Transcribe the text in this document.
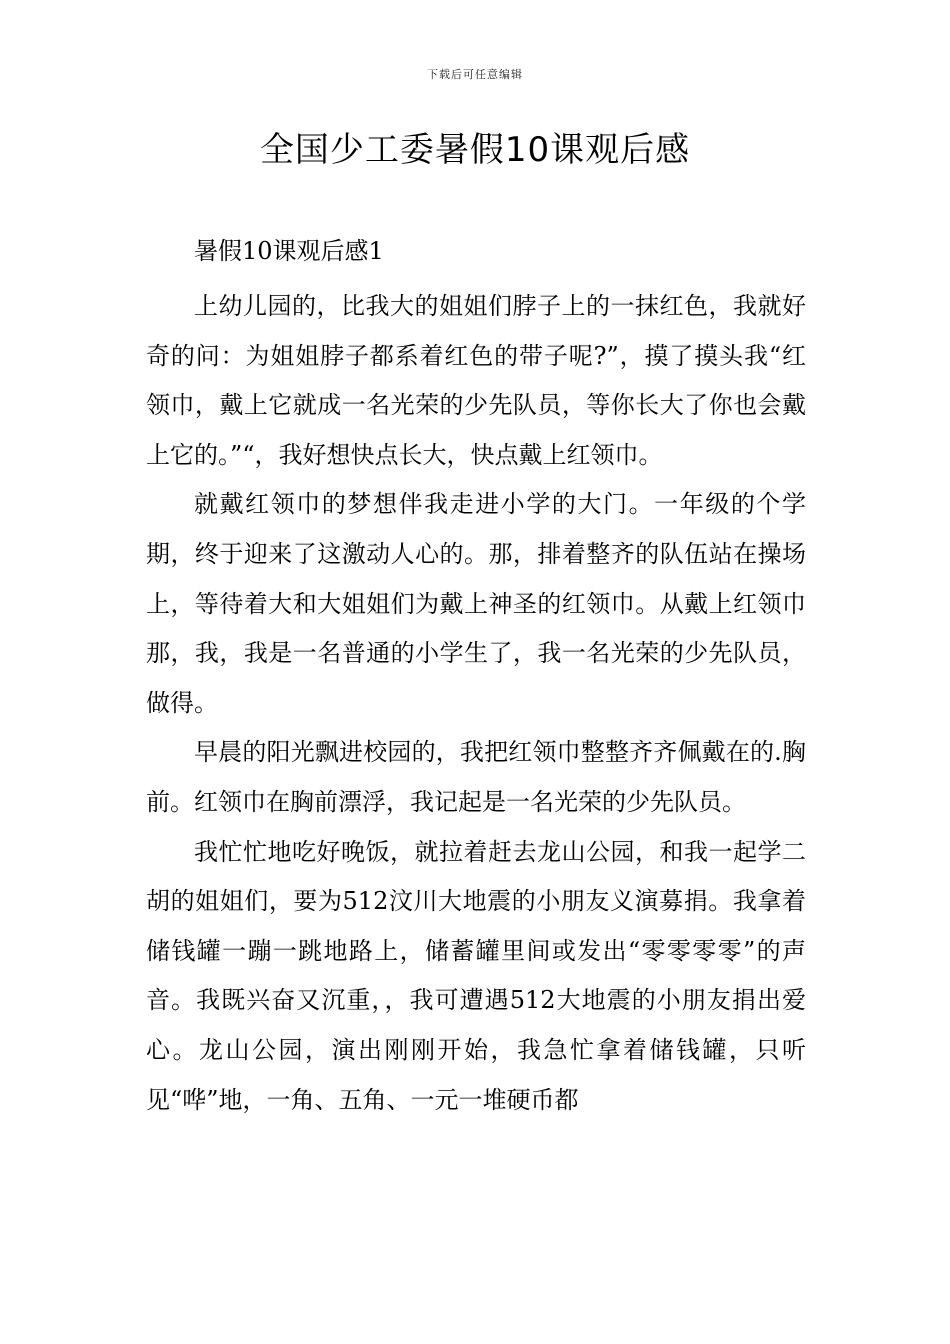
下载后可任意编辑
全国少工委暑假10课观后感
暑假10课观后感1

上幼儿园的，比我大的姐姐们脖子上的一抹红色，我就好奇的问：为姐姐脖子都系着红色的带子呢?”，摸了摸头我“红领巾，戴上它就成一名光荣的少先队员，等你长大了你也会戴上它的。”“，我好想快点长大，快点戴上红领巾。

就戴红领巾的梦想伴我走进小学的大门。一年级的个学期，终于迎来了这激动人心的。那，排着整齐的队伍站在操场上，等待着大和大姐姐们为戴上神圣的红领巾。从戴上红领巾那，我，我是一名普通的小学生了，我一名光荣的少先队员，做得。

早晨的阳光飘进校园的，我把红领巾整整齐齐佩戴在的.胸前。红领巾在胸前漂浮，我记起是一名光荣的少先队员。

我忙忙地吃好晚饭，就拉着赶去龙山公园，和我一起学二胡的姐姐们，要为512汶川大地震的小朋友义演募捐。我拿着储钱罐一蹦一跳地路上，储蓄罐里间或发出“零零零零”的声音。我既兴奋又沉重，，我可遭遇512大地震的小朋友捐出爱心。龙山公园，演出刚刚开始，我急忙拿着储钱罐，只听见“哗”地，一角、五角、一元一堆硬币都
